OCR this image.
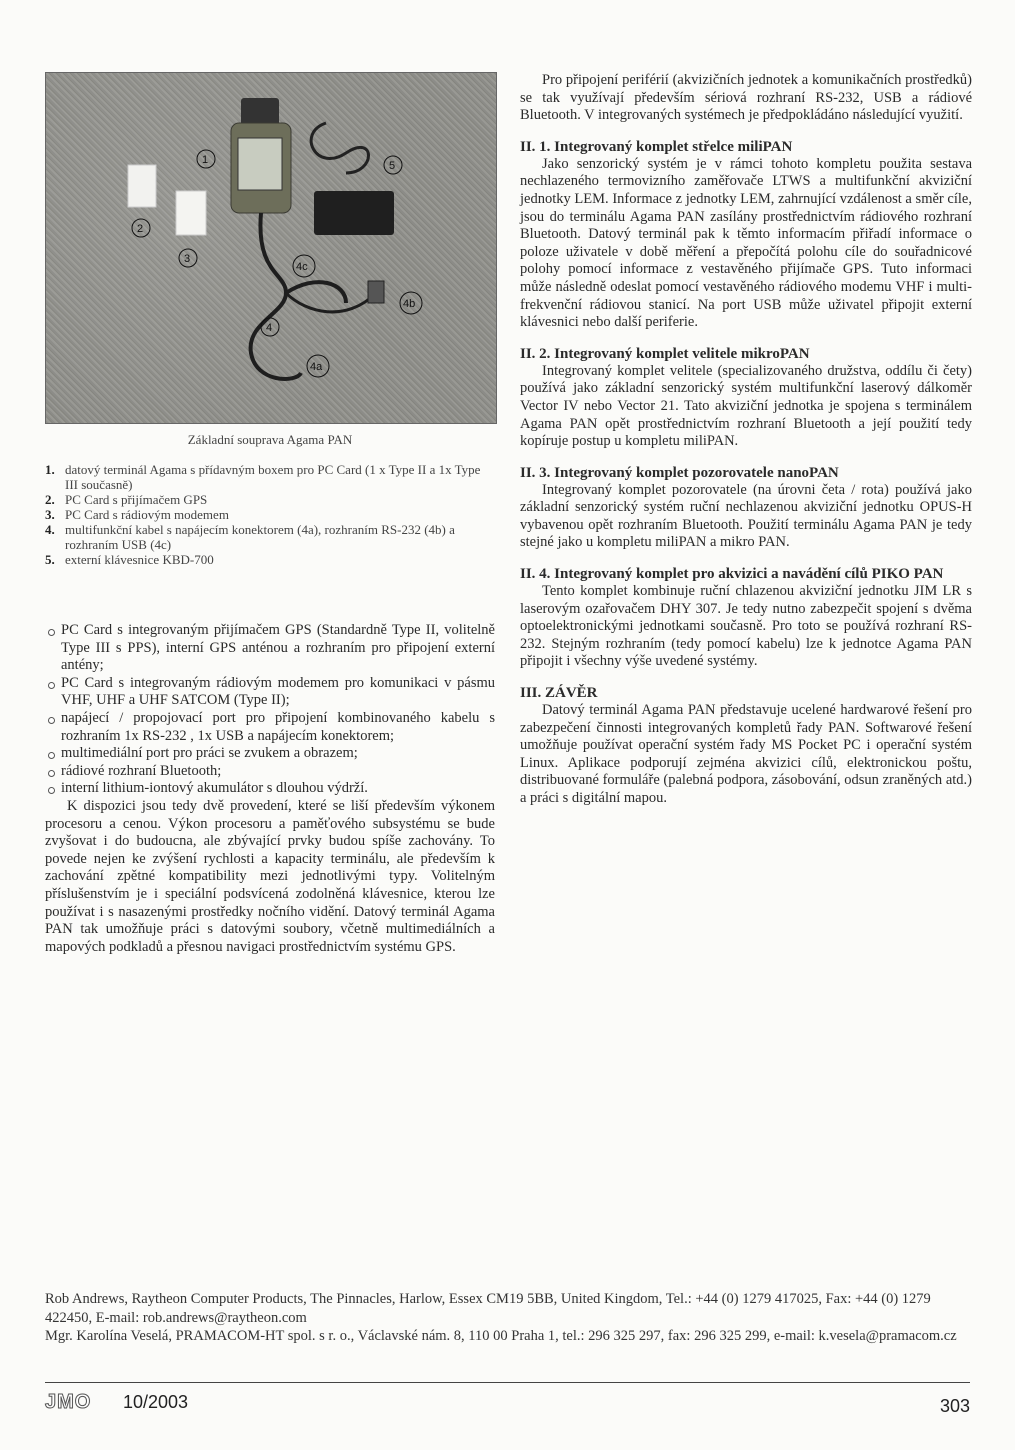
1
2
3
5
4c
4b
4
4a
Základní souprava Agama PAN
1. datový terminál Agama s přídavným boxem pro PC Card (1 x Type II a 1x Type III současně)
2. PC Card s přijímačem GPS
3. PC Card s rádiovým modemem
4. multifunkční kabel s napájecím konektorem (4a), rozhraním RS-232 (4b) a rozhraním USB (4c)
5. externí klávesnice KBD-700
PC Card s integrovaným přijímačem GPS (Standardně Type II, volitelně Type III s PPS), interní GPS anténou a rozhraním pro připojení externí antény;
PC Card s integrovaným rádiovým modemem pro komunikaci v pásmu VHF, UHF a UHF SATCOM (Type II);
napájecí / propojovací port pro připojení kombinovaného kabelu s rozhraním 1x RS-232 , 1x USB a napájecím konektorem;
multimediální port pro práci se zvukem a obrazem;
rádiové rozhraní Bluetooth;
interní lithium-iontový akumulátor s dlouhou výdrží.

K dispozici jsou tedy dvě provedení, které se liší především výkonem procesoru a cenou. Výkon procesoru a paměťového subsystému se bude zvyšovat i do budoucna, ale zbývající prvky budou spíše zachovány. To povede nejen ke zvýšení rychlosti a kapacity terminálu, ale především k zachování zpětné kompatibility mezi jednotlivými typy. Volitelným příslušenstvím je i speciální podsvícená zodolněná klávesnice, kterou lze používat i s nasazenými prostředky nočního vidění. Datový terminál Agama PAN tak umožňuje práci s datovými soubory, včetně multimediálních a mapových podkladů a přesnou navigaci prostřednictvím systému GPS.

Pro připojení periférií (akvizičních jednotek a komunikačních prostředků) se tak využívají především sériová rozhraní RS-232, USB a rádiové Bluetooth. V integrovaných systémech je předpokládáno následující využití.

II. 1. Integrovaný komplet střelce miliPAN

Jako senzorický systém je v rámci tohoto kompletu použita sestava nechlazeného termovizního zaměřovače LTWS a multifunkční akviziční jednotky LEM. Informace z jednotky LEM, zahrnující vzdálenost a směr cíle, jsou do terminálu Agama PAN zasílány prostřednictvím rádiového rozhraní Bluetooth. Datový terminál pak k těmto informacím přiřadí informace o poloze uživatele v době měření a přepočítá polohu cíle do souřadnicové polohy pomocí informace z vestavěného přijímače GPS. Tuto informaci může následně odeslat pomocí vestavěného rádiového modemu VHF i multi-frekvenční rádiovou stanicí. Na port USB může uživatel připojit externí klávesnici nebo další periferie.

II. 2. Integrovaný komplet velitele mikroPAN

Integrovaný komplet velitele (specializovaného družstva, oddílu či čety) používá jako základní senzorický systém multifunkční laserový dálkoměr Vector IV nebo Vector 21. Tato akviziční jednotka je spojena s terminálem Agama PAN opět prostřednictvím rozhraní Bluetooth a její použití tedy kopíruje postup u kompletu miliPAN.

II. 3. Integrovaný komplet pozorovatele nanoPAN

Integrovaný komplet pozorovatele (na úrovni četa / rota) používá jako základní senzorický systém ruční nechlazenou akviziční jednotku OPUS-H vybavenou opět rozhraním Bluetooth. Použití terminálu Agama PAN je tedy stejné jako u kompletu miliPAN a mikro PAN.

II. 4. Integrovaný komplet pro akvizici a navádění cílů PIKO PAN

Tento komplet kombinuje ruční chlazenou akviziční jednotku JIM LR s laserovým ozařovačem DHY 307. Je tedy nutno zabezpečit spojení s dvěma optoelektronickými jednotkami současně. Pro toto se používá rozhraní RS-232. Stejným rozhraním (tedy pomocí kabelu) lze k jednotce Agama PAN připojit i všechny výše uvedené systémy.

III. ZÁVĚR

Datový terminál Agama PAN představuje ucelené hardwarové řešení pro zabezpečení činnosti integrovaných kompletů řady PAN. Softwarové řešení umožňuje používat operační systém řady MS Pocket PC i operační systém Linux. Aplikace podporují zejména akvizici cílů, elektronickou poštu, distribuované formuláře (palebná podpora, zásobování, odsun zraněných atd.) a práci s digitální mapou.

Rob Andrews, Raytheon Computer Products, The Pinnacles, Harlow, Essex CM19 5BB, United Kingdom, Tel.: +44 (0) 1279 417025, Fax: +44 (0) 1279 422450, E-mail: rob.andrews@raytheon.com
Mgr. Karolína Veselá, PRAMACOM-HT spol. s r. o., Václavské nám. 8, 110 00 Praha 1, tel.: 296 325 297, fax: 296 325 299, e-mail: k.vesela@pramacom.cz
JMO 10/2003	303
